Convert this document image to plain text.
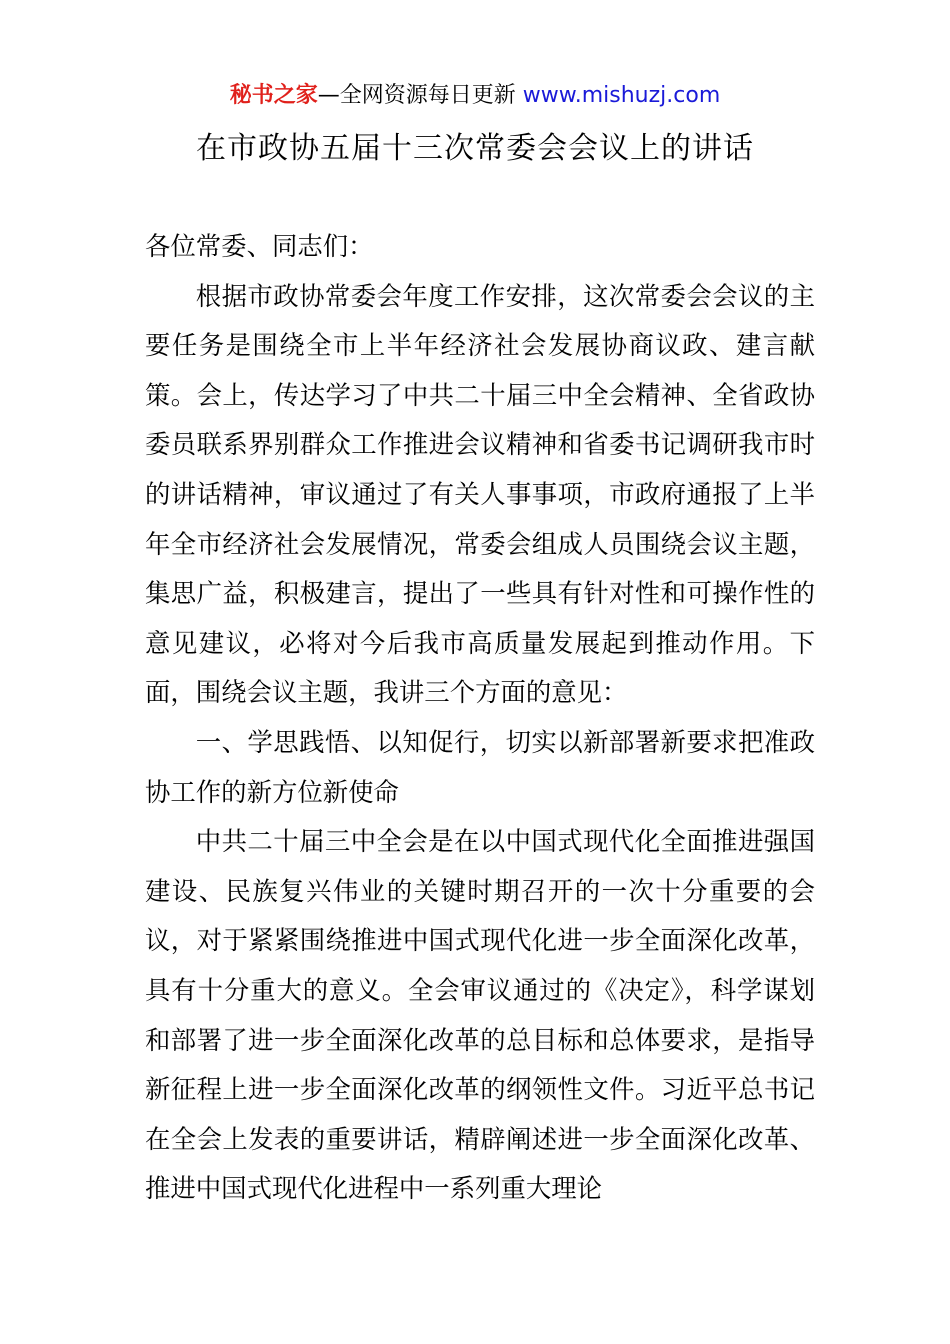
秘书之家—全网资源每日更新 www.mishuzj.com
在市政协五届十三次常委会会议上的讲话

各位常委、同志们：

根据市政协常委会年度工作安排，这次常委会会议的主要任务是围绕全市上半年经济社会发展协商议政、建言献策。会上，传达学习了中共二十届三中全会精神、全省政协委员联系界别群众工作推进会议精神和省委书记调研我市时的讲话精神，审议通过了有关人事事项，市政府通报了上半年全市经济社会发展情况，常委会组成人员围绕会议主题，集思广益，积极建言，提出了一些具有针对性和可操作性的意见建议，必将对今后我市高质量发展起到推动作用。下面，围绕会议主题，我讲三个方面的意见：

一、学思践悟、以知促行，切实以新部署新要求把准政协工作的新方位新使命

中共二十届三中全会是在以中国式现代化全面推进强国建设、民族复兴伟业的关键时期召开的一次十分重要的会议，对于紧紧围绕推进中国式现代化进一步全面深化改革，具有十分重大的意义。全会审议通过的《决定》，科学谋划和部署了进一步全面深化改革的总目标和总体要求，是指导新征程上进一步全面深化改革的纲领性文件。习近平总书记在全会上发表的重要讲话，精辟阐述进一步全面深化改革、推进中国式现代化进程中一系列重大理论
